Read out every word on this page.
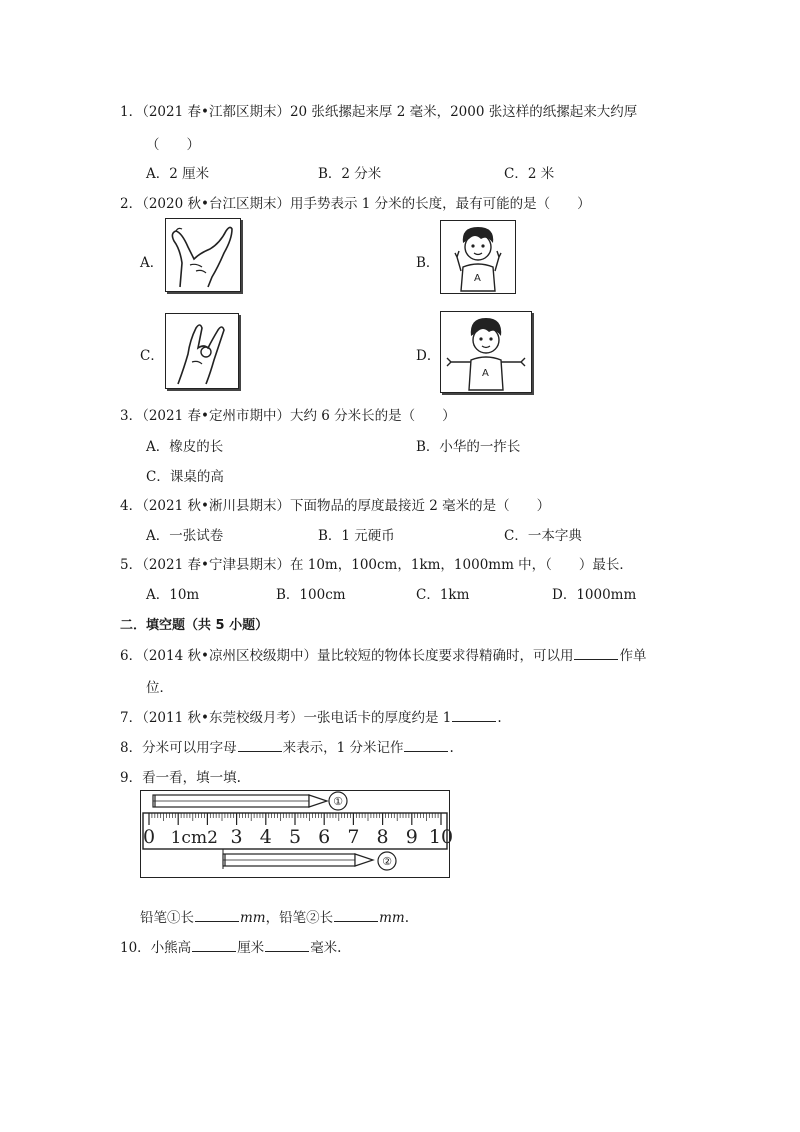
1．（2021 春•江都区期末）20 张纸摞起来厚 2 毫米，2000 张这样的纸摞起来大约厚
（　　）
A．2 厘米	B．2 分米	C．2 米
2．（2020 秋•台江区期末）用手势表示 1 分米的长度，最有可能的是（　　）
A．	B．
A
C．	D．
A
3．（2021 春•定州市期中）大约 6 分米长的是（　　）
A．橡皮的长	B．小华的一拃长
C．课桌的高
4．（2021 秋•淅川县期末）下面物品的厚度最接近 2 毫米的是（　　）
A．一张试卷	B．1 元硬币	C．一本字典
5．（2021 春•宁津县期末）在 10m，100cm，1km，1000mm 中，（　　）最长．
A．10m	B．100cm	C．1km	D．1000mm
二．填空题（共 5 小题）
6．（2014 秋•凉州区校级期中）量比较短的物体长度要求得精确时，可以用	作单
位．
7．（2011 秋•东莞校级月考）一张电话卡的厚度约是 1	.
8．分米可以用字母	来表示，1 分米记作	.
9．看一看，填一填.
①
0 1cm2 3 4 5 6 7 8 9 10
②
铅笔①长	mm，铅笔②长	mm.
10．小熊高	厘米	毫米.
